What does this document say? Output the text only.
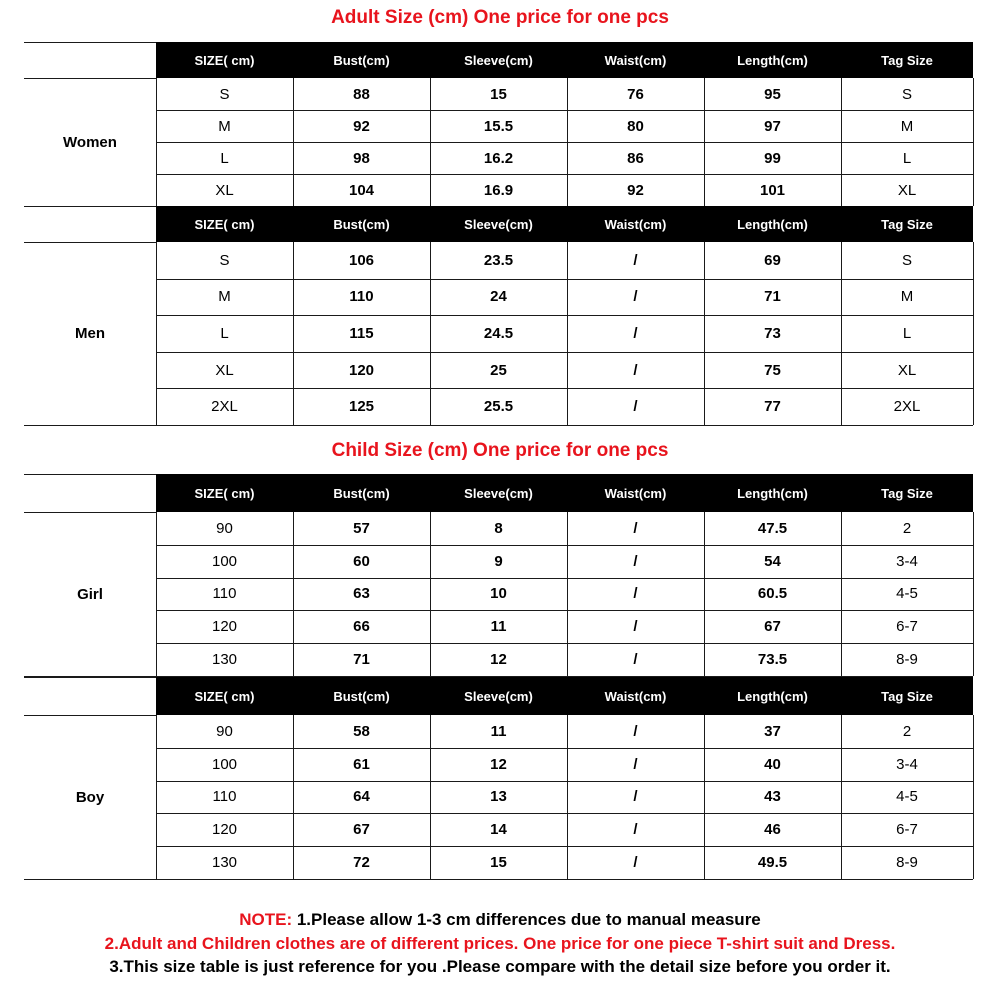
Adult Size (cm) One price for one pcs
Child Size (cm) One price for one pcs
SIZE( cm)	Bust(cm)	Sleeve(cm)	Waist(cm)	Length(cm)	Tag Size
Women
S	88	15	76	95	S
M	92	15.5	80	97	M
L	98	16.2	86	99	L
XL	104	16.9	92	101	XL
SIZE( cm)	Bust(cm)	Sleeve(cm)	Waist(cm)	Length(cm)	Tag Size
Men
S	106	23.5	/	69	S
M	110	24	/	71	M
L	115	24.5	/	73	L
XL	120	25	/	75	XL
2XL	125	25.5	/	77	2XL
SIZE( cm)	Bust(cm)	Sleeve(cm)	Waist(cm)	Length(cm)	Tag Size
Girl
90	57	8	/	47.5	2
100	60	9	/	54	3-4
110	63	10	/	60.5	4-5
120	66	11	/	67	6-7
130	71	12	/	73.5	8-9
SIZE( cm)	Bust(cm)	Sleeve(cm)	Waist(cm)	Length(cm)	Tag Size
Boy
90	58	11	/	37	2
100	61	12	/	40	3-4
110	64	13	/	43	4-5
120	67	14	/	46	6-7
130	72	15	/	49.5	8-9
NOTE: 1.Please allow 1-3 cm differences due to manual measure
2.Adult and Children clothes are of different prices. One price for one piece T-shirt suit and Dress.
3.This size table is just reference for you .Please compare with the detail size before you order it.
